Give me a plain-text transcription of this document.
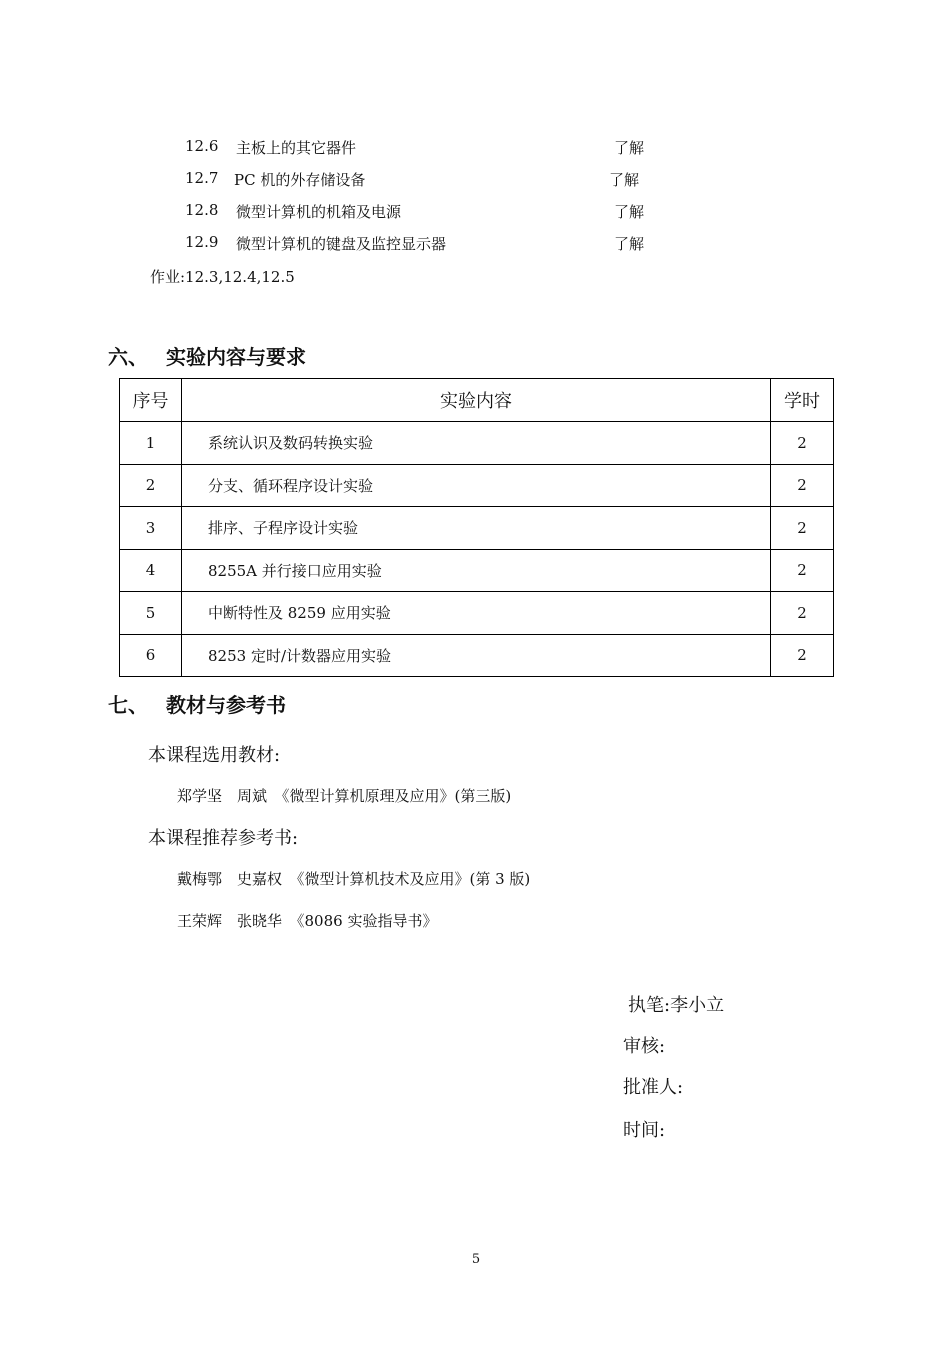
12.6 主板上的其它器件	了解
12.7 PC 机的外存储设备	了解
12.8 微型计算机的机箱及电源	了解
12.9 微型计算机的键盘及监控显示器	了解
作业:12.3,12.4,12.5
六、 实验内容与要求
序号	实验内容	学时
1	系统认识及数码转换实验	2
2	分支、循环程序设计实验	2
3	排序、子程序设计实验	2
4	8255A 并行接口应用实验	2
5	中断特性及 8259 应用实验	2
6	8253 定时/计数器应用实验	2
七、 教材与参考书
本课程选用教材:
郑学坚　周斌　《微型计算机原理及应用》(第三版)
本课程推荐参考书:
戴梅鄂　史嘉权　《微型计算机技术及应用》(第 3 版)
王荣辉　张晓华　《8086 实验指导书》
执笔:李小立
审核:
批准人:
时间:
5
